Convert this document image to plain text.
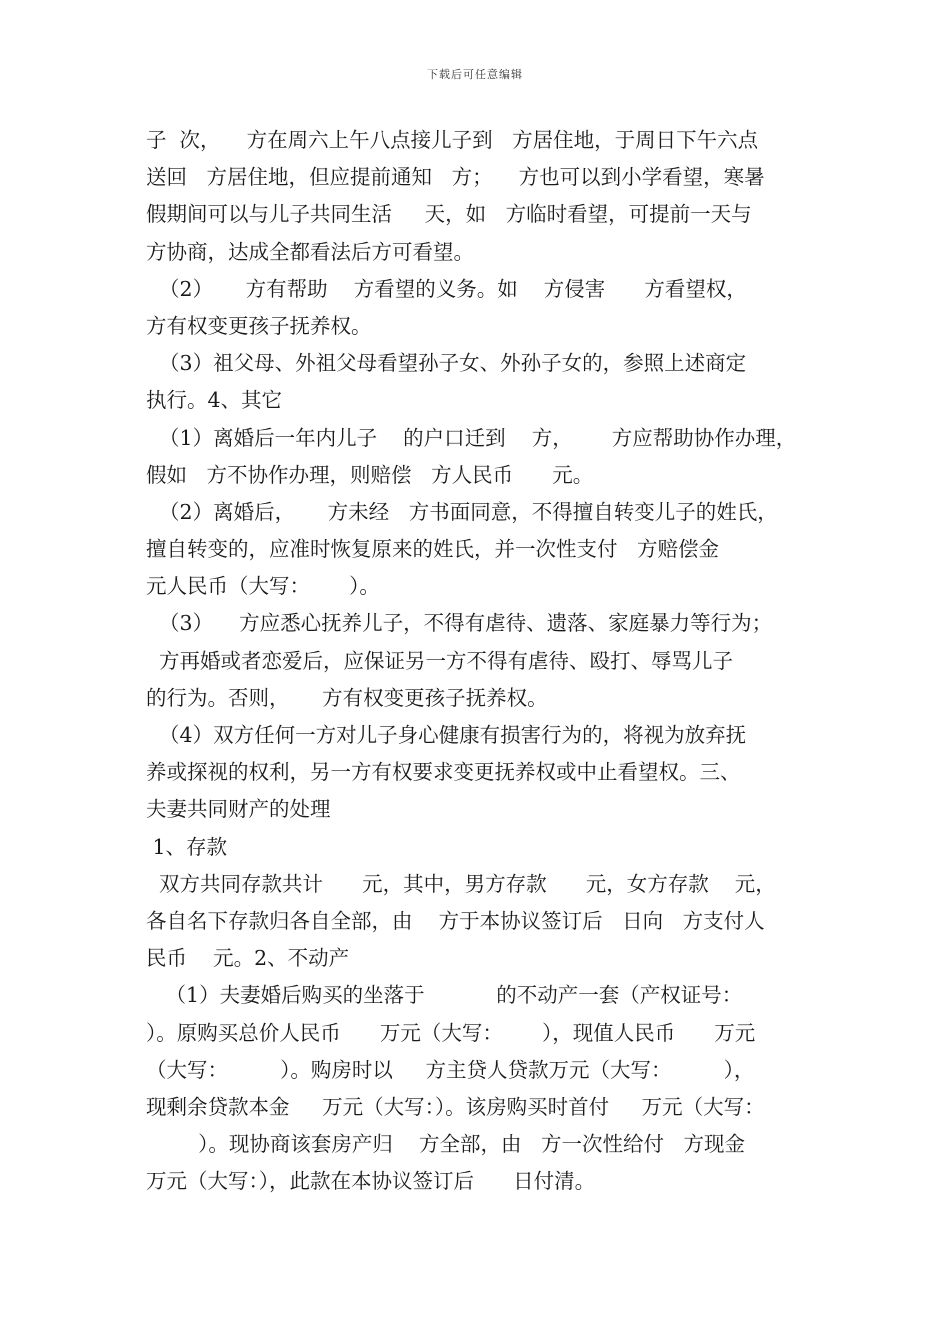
下载后可任意编辑
子  次，    方在周六上午八点接儿子到   方居住地，于周日下午六点
送回   方居住地，但应提前通知   方；    方也可以到小学看望，寒暑
假期间可以与儿子共同生活     天，如   方临时看望，可提前一天与
方协商，达成全都看法后方可看望。
（2）     方有帮助    方看望的义务。如    方侵害      方看望权，
方有权变更孩子抚养权。
（3）祖父母、外祖父母看望孙子女、外孙子女的，参照上述商定
执行。4、其它
（1）离婚后一年内儿子    的户口迁到    方，      方应帮助协作办理，
假如   方不协作办理，则赔偿   方人民币      元。
（2）离婚后，     方未经   方书面同意，不得擅自转变儿子的姓氏，
擅自转变的，应准时恢复原来的姓氏，并一次性支付   方赔偿金
元人民币（大写：      ）。
（3）    方应悉心抚养儿子，不得有虐待、遗落、家庭暴力等行为；
方再婚或者恋爱后，应保证另一方不得有虐待、殴打、辱骂儿子
的行为。否则，     方有权变更孩子抚养权。
（4）双方任何一方对儿子身心健康有损害行为的，将视为放弃抚
养或探视的权利，另一方有权要求变更抚养权或中止看望权。三、
夫妻共同财产的处理
1、存款
双方共同存款共计      元，其中，男方存款      元，女方存款    元，
各自名下存款归各自全部，由    方于本协议签订后   日向   方支付人
民币    元。2、不动产
（1）夫妻婚后购买的坐落于           的不动产一套（产权证号：
）。原购买总价人民币      万元（大写：      ），现值人民币      万元
（大写：        ）。购房时以     方主贷人贷款万元（大写：        ），
现剩余贷款本金     万元（大写：）。该房购买时首付     万元（大写：
）。现协商该套房产归    方全部，由   方一次性给付   方现金
万元（大写：），此款在本协议签订后      日付清。
